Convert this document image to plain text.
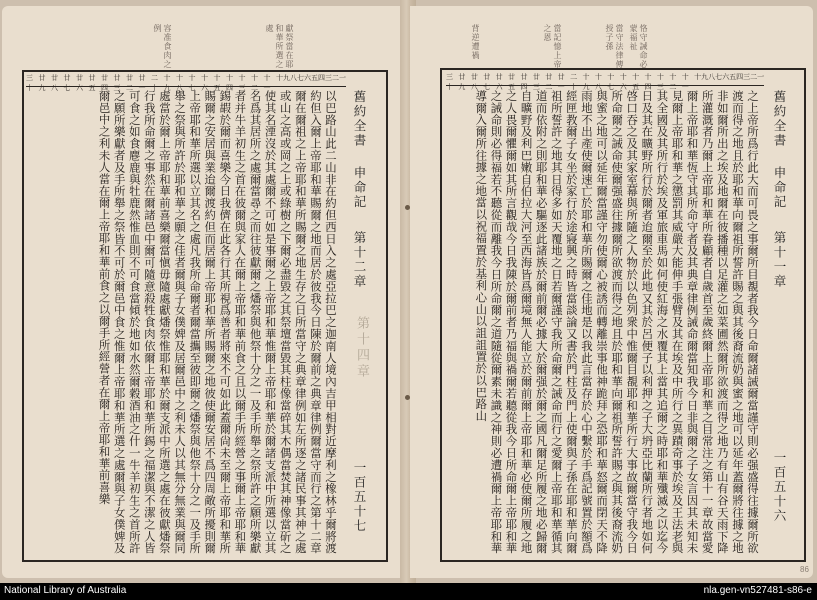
容准食肉之例	獻祭當在耶和華所選之處
三十
廿九
廿八
廿七
廿六
廿五
廿四
廿三
廿二
廿一
二十
十九
十八
十七
十六
十五
十四
十三
十二
十一
十 九 八 七 六 五 四 三 二 一
以巴路山此二山非在約但西日入之處亞拉巴之迦南人境內吉甲相對近摩利之橡林乎爾將渡約但入爾上帝耶和華賜爾之地而居於彼我今日陳於爾前之典章律例爾當守而行之第十二章爾在爾祖之上帝耶和華所賜爾之地生存之日所當守之典章律例如左所逐之諸民事其神之處或山之高或岡之上或綠樹之下爾必盡毀之其祭壇當毀其柱像當碎其木偶當焚其神像當斫之使其名湮沒於其處爾不可如是事爾之上帝耶和華惟爾上帝耶和華於爾諸支派中所選以立其名爲其居所之處爾當尋之而往彼獻爾之燔祭與他祭十分之一及手所舉之祭所許之願所樂獻者并牛羊初生之首在彼爾與家人在爾上帝耶和華前食之且以爾手所經營之事爾上帝耶和華錫嘏於爾而喜樂今日我儕在此各行其所視爲善者將來不可如此蓋爾尙未至爾上帝耶和華所賜爾之安居與業迨爾渡約但而居爾上帝耶和華所賜爾之地彼使爾安居不爲四周敵所擾則爾上帝耶和華所選以立其名之處凡我所命爾者爾當攜至彼即爾之燔祭與他祭十分之一及手所舉之祭與所許於耶和華之願之佳者爾與子女僕婢及居爾邑中之利未人以其無分無業與爾同處當於爾上帝耶和華前喜樂爾當愼毋隨處獻燔祭惟耶和華於爾支派中所選之處在彼獻燔祭行我所命爾之事然在爾諸邑中爾可隨意殺牲食肉依爾上帝耶和華所錫之福潔與不潔之人皆可食之如食麀鹿與牡鹿然惟血則不可食當傾於地如水然爾穀酒油之什一牛羊初生之首所許之願所樂獻者及手所舉之祭皆不可於爾邑中食之惟爾上帝耶和華所選之處爾與子女僕婢及爾邑中之利未人當在爾上帝耶和華前食之以爾手所經營者在爾上帝耶和華前喜樂	舊約全書
申命記
第十二章
第十四章
一百五十七
背逆遭禍	當記憶上帝之恩	當守法律傳授子孫	恪守誡命必蒙福祉
三十
廿九
廿八
廿七
廿六
廿五
廿四
廿三
廿二
廿一
二十
十九
十八
十七
十六
十五
十四
十三
十二
十一
十 九 八 七 六 五 四 三 二 一
之上帝所爲行此大而可畏之事爾所目覩者我今日命爾諸誡爾當謹守則必强盛得往據爾所欲渡而得之地且於耶和華向爾祖所誓許賜之與其後裔流奶與蜜之地可以延年蓋爾將往據之地非如爾所出之埃及地爾在彼播種以足灌之如菜圃然爾所欲渡而得之地乃有山有谷天雨下降所灌溉者乃爾上帝耶和華所眷顧者自歲首至歲終爾上帝耶和華之目常注之第十一章故當愛爾上帝耶和華恆守其所命守者及其典章律例誡命爾當知我今日非與爾之子女言因其未知未見爾上帝耶和華之懲罰其威嚴大能伸手張臂及其在埃及中所行之異蹟奇事於埃及王法老與其全國及其所行於埃及軍旅車馬如何使紅海之水覆其上當其追爾之時耶和華殲滅之以迄今日及其在曠野所行於爾者迨爾至於此地又其於呂便子以利押之子大坍亞比蘭所行者地如何啓口吞之及其家室幕與所隨之人物於以色列衆中惟爾目覩耶和華所行大事故爾當守我今日所命爾之誡命使爾强盛往據爾所欲渡而得之地且於耶和華向爾祖所誓許賜之與其後裔流奶與蜜之地可以延年爾當謹守勿使爾心被誘而轉離崇事他神跪拜之恐耶和華怒爾而閉天不降雨地不出產使爾速亡於耶和華所賜爾之佳地是以我此言當存於心中繫於手爲記號置於額爲經匣教爾子女坐於家行於途寢興之時皆當談論又書於門柱及門上使爾與子孫在耶和華向爾祖所誓許之地其日得多如天覆地之日若爾謹守我所命爾之誡命而行之愛爾上帝耶和華循其道而依附之則耶和華必驅逐此諸族於爾前爾必據大於爾强於爾之國凡爾足所履之地必歸爾自曠野及利巴嫩自伯拉大河至西海皆爲爾境無人能立於爾前爾上帝耶和華必使爾所履之地之人畏爾懼爾如其所言觀哉今日我陳於爾前者乃福與禍爾若聽從我今日所命爾上帝耶和華之誡命則必得福若不聽從而離我今日所命爾之道隨從爾素未識之神則必遭禍爾上帝耶和華導爾入爾所往據之地當以祝福置於基利心山以詛詛置於以巴路山	舊約全書
申命記
第十一章
一百五十六
86
National Library of Australia	nla.gen-vn527481-s86-e
